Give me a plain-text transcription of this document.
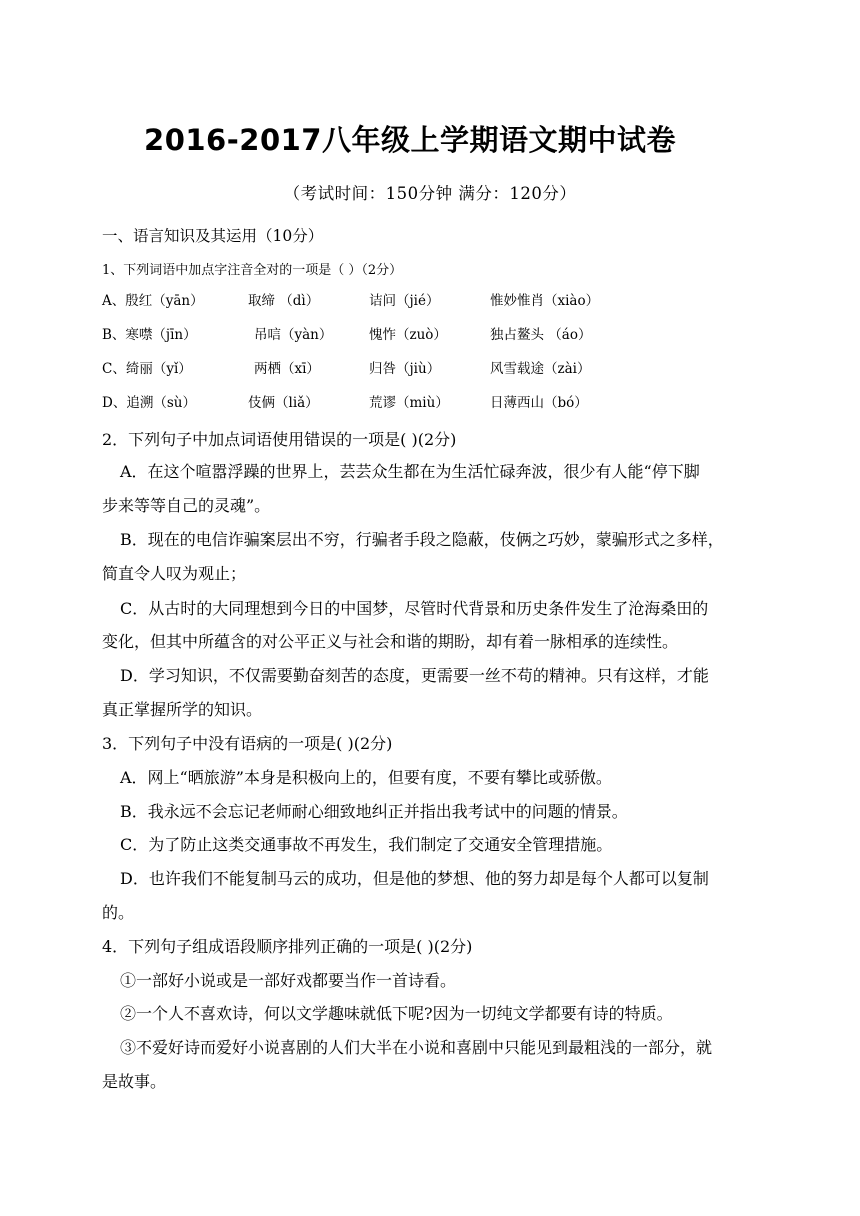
2016-2017八年级上学期语文期中试卷
（考试时间：150分钟 满分：120分）
一、语言知识及其运用（10分）
1、下列词语中加点字注音全对的一项是（ ）（2分）
A、殷红（yān）	取缔 （dì）	诘问（jié）	惟妙惟肖（xiào）
B、寒噤（jīn）	吊唁（yàn）	愧怍（zuò）	独占鳌头 （áo）
C、绮丽（yǐ）	两栖（xī）	归咎（jiù）	风雪载途（zài）
D、追溯（sù）	伎俩（liǎ）	荒谬（miù）	日薄西山（bó）
2．下列句子中加点词语使用错误的一项是( )(2分)
A．在这个喧嚣浮躁的世界上，芸芸众生都在为生活忙碌奔波，很少有人能“停下脚
步来等等自己的灵魂”。
B．现在的电信诈骗案层出不穷，行骗者手段之隐蔽，伎俩之巧妙，蒙骗形式之多样，
简直令人叹为观止；
C．从古时的大同理想到今日的中国梦，尽管时代背景和历史条件发生了沧海桑田的
变化，但其中所蕴含的对公平正义与社会和谐的期盼，却有着一脉相承的连续性。
D．学习知识，不仅需要勤奋刻苦的态度，更需要一丝不苟的精神。只有这样，才能
真正掌握所学的知识。
3．下列句子中没有语病的一项是( )(2分)
A．网上“晒旅游”本身是积极向上的，但要有度，不要有攀比或骄傲。
B．我永远不会忘记老师耐心细致地纠正并指出我考试中的问题的情景。
C．为了防止这类交通事故不再发生，我们制定了交通安全管理措施。
D．也许我们不能复制马云的成功，但是他的梦想、他的努力却是每个人都可以复制
的。
4．下列句子组成语段顺序排列正确的一项是( )(2分)
①一部好小说或是一部好戏都要当作一首诗看。
②一个人不喜欢诗，何以文学趣味就低下呢?因为一切纯文学都要有诗的特质。
③不爱好诗而爱好小说喜剧的人们大半在小说和喜剧中只能见到最粗浅的一部分，就
是故事。
